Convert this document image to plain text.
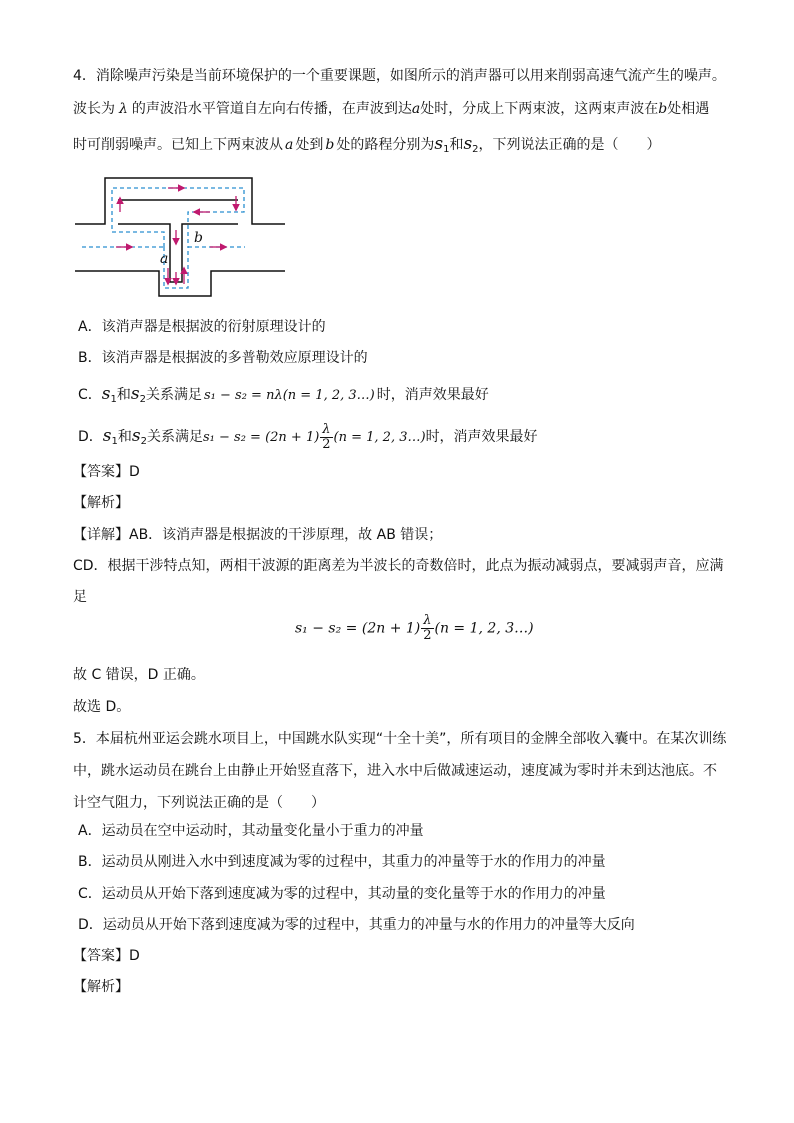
4．消除噪声污染是当前环境保护的一个重要课题，如图所示的消声器可以用来削弱高速气流产生的噪声。
波长为 λ 的声波沿水平管道自左向右传播，在声波到达a处时，分成上下两束波，这两束声波在b处相遇
时可削弱噪声。已知上下两束波从 a 处到 b 处的路程分别为$s_1$和$s_2$，下列说法正确的是（　　）
a
b
A．该消声器是根据波的衍射原理设计的
B．该消声器是根据波的多普勒效应原理设计的
C．$s_1$和$s_2$关系满足 s₁ − s₂ = nλ(n = 1, 2, 3…) 时，消声效果最好
D．$s_1$和$s_2$关系满足$s_1 - s_2 = (2n + 1) \frac{\lambda}{2} (n = 1$, 2, 3…)时，消声效果最好
【答案】D
【解析】
【详解】AB．该消声器是根据波的干涉原理，故 AB 错误；
CD．根据干涉特点知，两相干波源的距离差为半波长的奇数倍时，此点为振动减弱点，要减弱声音，应满
足
$s_1 - s_2 = (2n + 1) \frac{\lambda}{2} (n = 1$, 2, 3…)
故 C 错误，D 正确。
故选 D。
5．本届杭州亚运会跳水项目上，中国跳水队实现“十全十美”，所有项目的金牌全部收入囊中。在某次训练
中，跳水运动员在跳台上由静止开始竖直落下，进入水中后做减速运动，速度减为零时并未到达池底。不
计空气阻力，下列说法正确的是（　　）
A．运动员在空中运动时，其动量变化量小于重力的冲量
B．运动员从刚进入水中到速度减为零的过程中，其重力的冲量等于水的作用力的冲量
C．运动员从开始下落到速度减为零的过程中，其动量的变化量等于水的作用力的冲量
D．运动员从开始下落到速度减为零的过程中，其重力的冲量与水的作用力的冲量等大反向
【答案】D
【解析】
